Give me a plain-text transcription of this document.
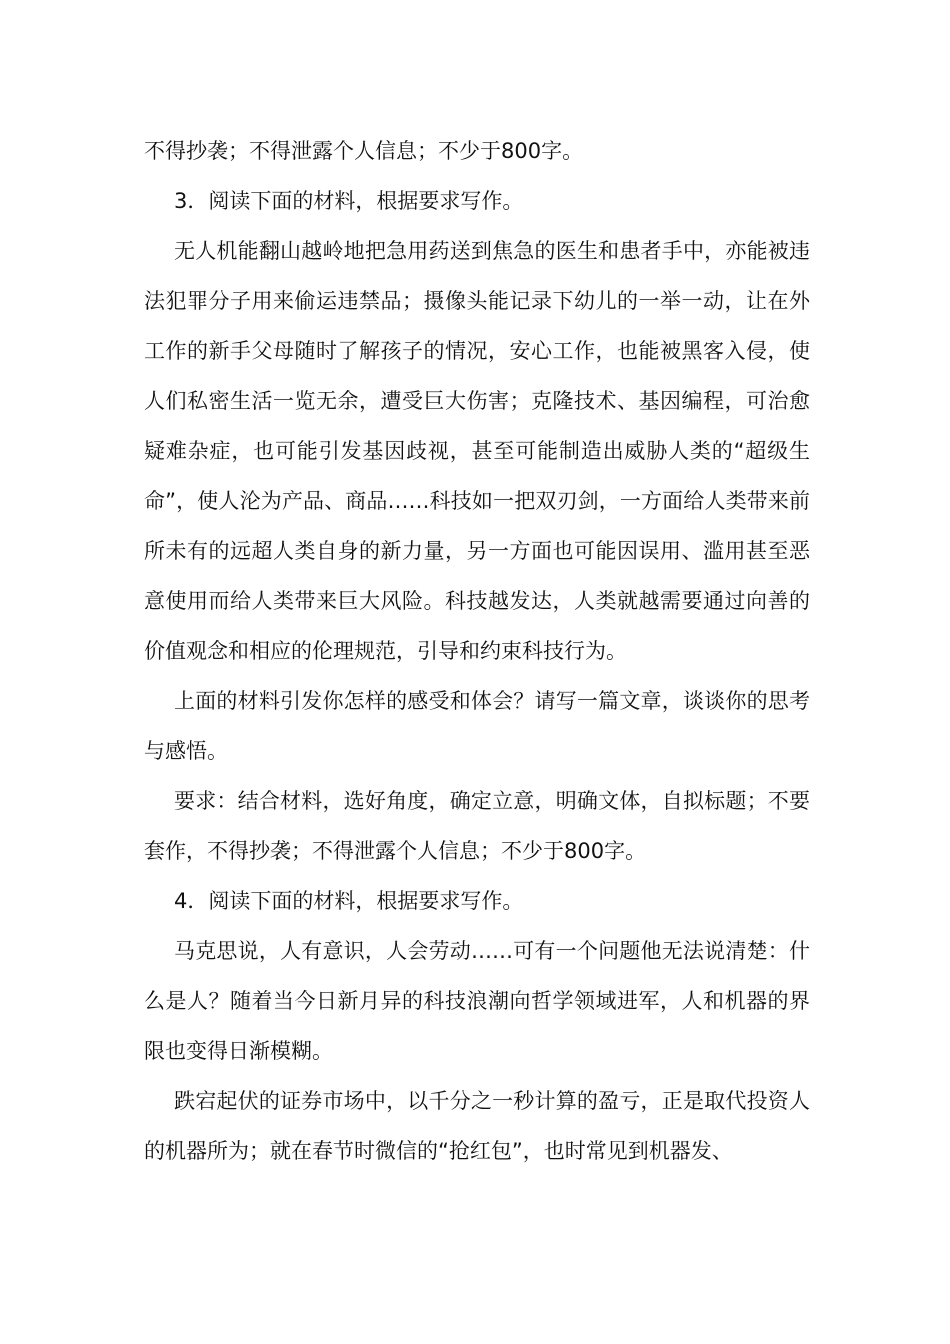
不得抄袭；不得泄露个人信息；不少于800字。

3．阅读下面的材料，根据要求写作。

无人机能翻山越岭地把急用药送到焦急的医生和患者手中，亦能被违法犯罪分子用来偷运违禁品；摄像头能记录下幼儿的一举一动，让在外工作的新手父母随时了解孩子的情况，安心工作，也能被黑客入侵，使人们私密生活一览无余，遭受巨大伤害；克隆技术、基因编程，可治愈疑难杂症，也可能引发基因歧视，甚至可能制造出威胁人类的“超级生命”，使人沦为产品、商品……科技如一把双刃剑，一方面给人类带来前所未有的远超人类自身的新力量，另一方面也可能因误用、滥用甚至恶意使用而给人类带来巨大风险。科技越发达，人类就越需要通过向善的价值观念和相应的伦理规范，引导和约束科技行为。

上面的材料引发你怎样的感受和体会？请写一篇文章，谈谈你的思考与感悟。

要求：结合材料，选好角度，确定立意，明确文体，自拟标题；不要套作，不得抄袭；不得泄露个人信息；不少于800字。

4．阅读下面的材料，根据要求写作。

马克思说，人有意识，人会劳动……可有一个问题他无法说清楚：什么是人？随着当今日新月异的科技浪潮向哲学领域进军，人和机器的界限也变得日渐模糊。

跌宕起伏的证券市场中，以千分之一秒计算的盈亏，正是取代投资人的机器所为；就在春节时微信的“抢红包”，也时常见到机器发、
